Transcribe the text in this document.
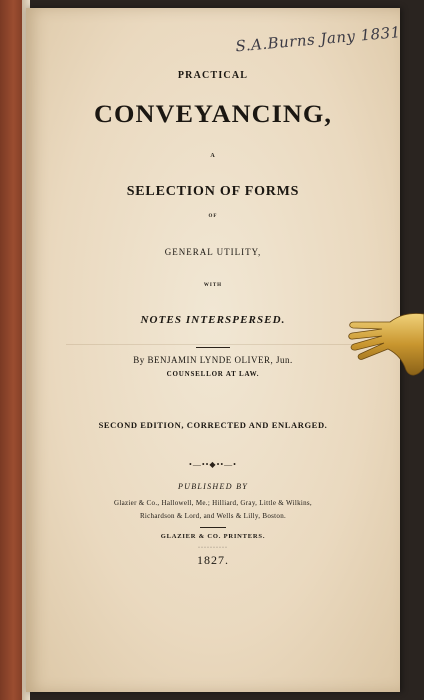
S.A.Burns Jany 1831

PRACTICAL

CONVEYANCING,

A

SELECTION OF FORMS

OF

GENERAL UTILITY,

WITH

NOTES INTERSPERSED.

By BENJAMIN LYNDE OLIVER, Jun.

COUNSELLOR AT LAW.

SECOND EDITION, CORRECTED AND ENLARGED.

•—••◆••—•

PUBLISHED BY

Glazier & Co., Hallowell, Me.; Hilliard, Gray, Little & Wilkins,

Richardson & Lord, and Wells & Lilly, Boston.

GLAZIER & CO. PRINTERS.

··········

1827.
